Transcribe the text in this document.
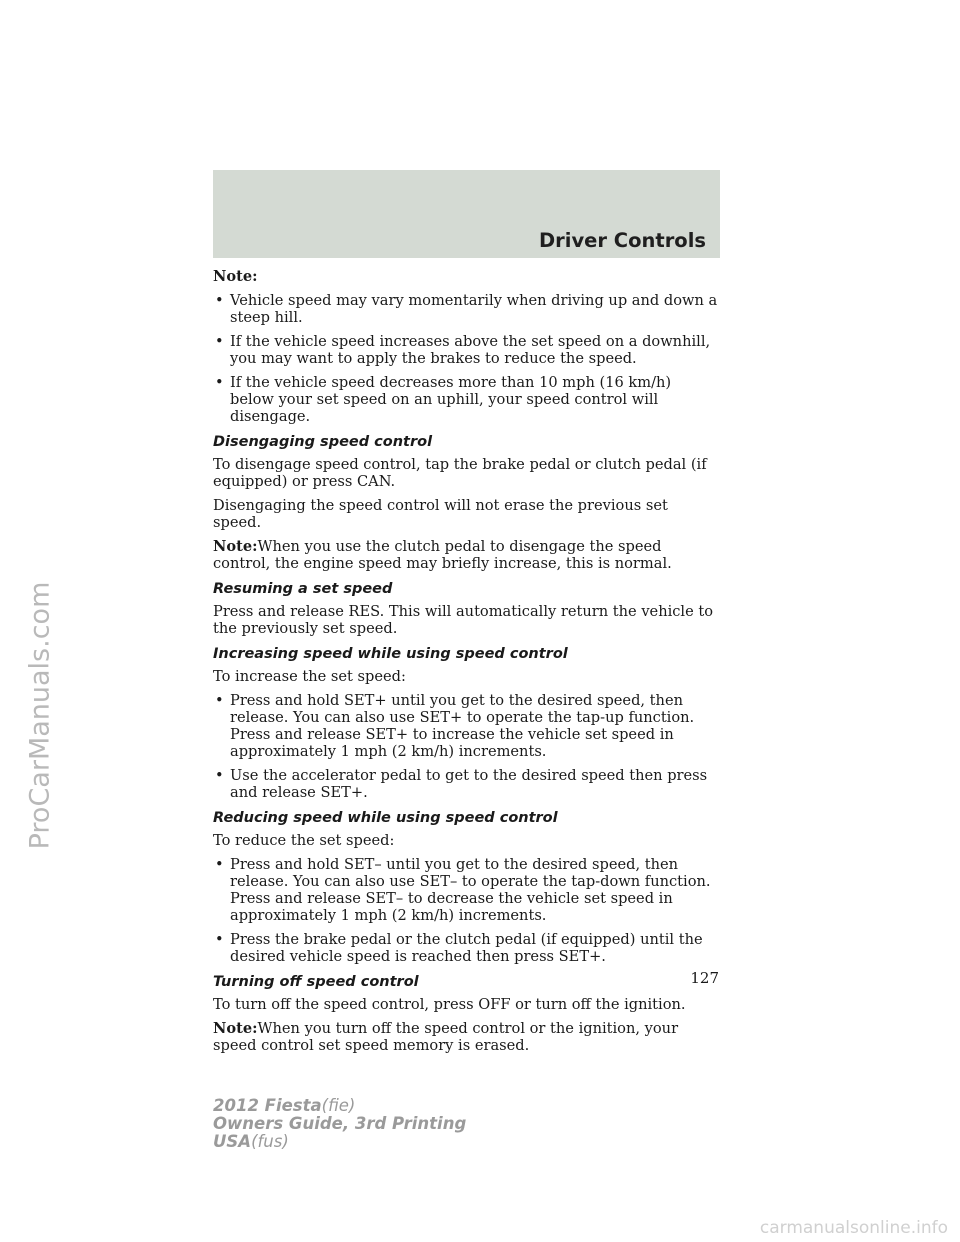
Driver Controls

Note:

• Vehicle speed may vary momentarily when driving up and down a steep hill.
• If the vehicle speed increases above the set speed on a downhill, you may want to apply the brakes to reduce the speed.
• If the vehicle speed decreases more than 10 mph (16 km/h) below your set speed on an uphill, your speed control will disengage.
Disengaging speed control

To disengage speed control, tap the brake pedal or clutch pedal (if equipped) or press CAN.

Disengaging the speed control will not erase the previous set speed.

Note:When you use the clutch pedal to disengage the speed control, the engine speed may briefly increase, this is normal.

Resuming a set speed

Press and release RES. This will automatically return the vehicle to the previously set speed.

Increasing speed while using speed control

To increase the set speed:

• Press and hold SET+ until you get to the desired speed, then release. You can also use SET+ to operate the tap-up function. Press and release SET+ to increase the vehicle set speed in approximately 1 mph (2 km/h) increments.
• Use the accelerator pedal to get to the desired speed then press and release SET+.
Reducing speed while using speed control

To reduce the set speed:

• Press and hold SET– until you get to the desired speed, then release. You can also use SET– to operate the tap-down function. Press and release SET– to decrease the vehicle set speed in approximately 1 mph (2 km/h) increments.
• Press the brake pedal or the clutch pedal (if equipped) until the desired vehicle speed is reached then press SET+.
Turning off speed control

To turn off the speed control, press OFF or turn off the ignition.

Note:When you turn off the speed control or the ignition, your speed control set speed memory is erased.

127
ProCarManuals.com
2012 Fiesta(fie)
Owners Guide, 3rd Printing
USA(fus)
carmanualsonline.info
